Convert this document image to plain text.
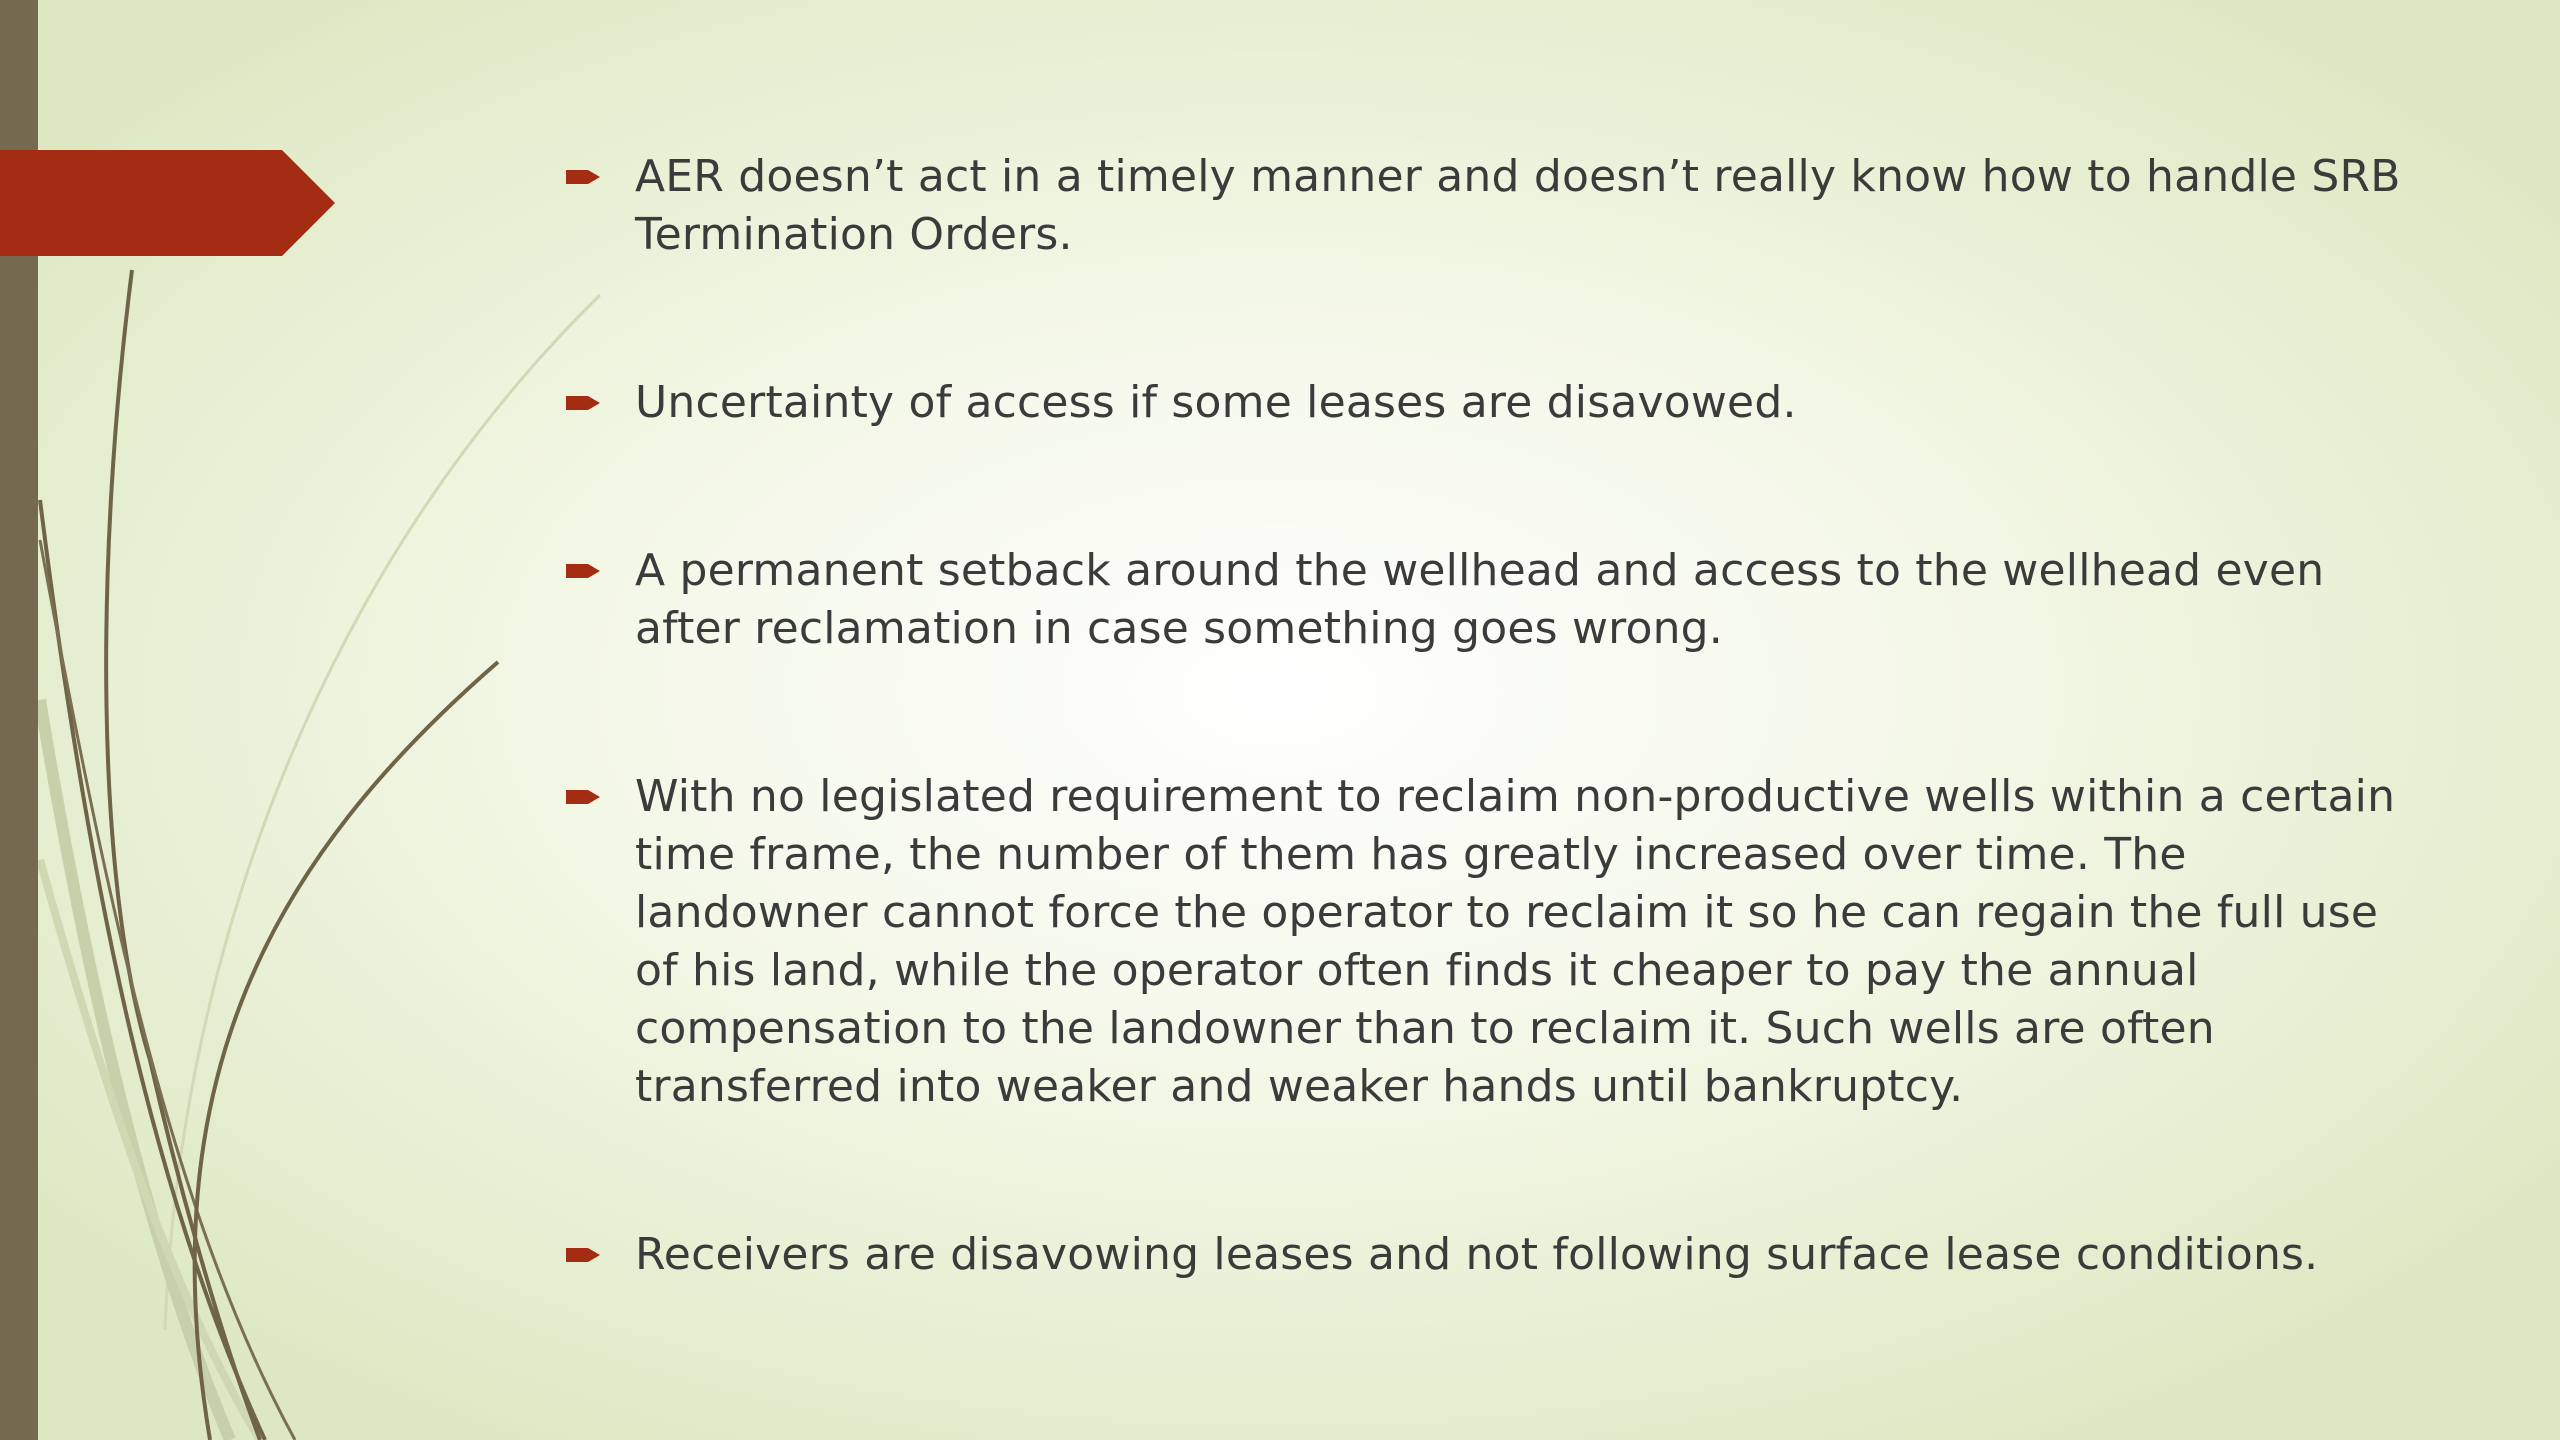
AER doesn’t act in a timely manner and doesn’t really know how to handle SRB Termination Orders.
Uncertainty of access if some leases are disavowed.
A permanent setback around the wellhead and access to the wellhead even after reclamation in case something goes wrong.
With no legislated requirement to reclaim non-productive wells within a certain time frame, the number of them has greatly increased over time. The landowner cannot force the operator to reclaim it so he can regain the full use of his land, while the operator often finds it cheaper to pay the annual compensation to the landowner than to reclaim it. Such wells are often transferred into weaker and weaker hands until bankruptcy.
Receivers are disavowing leases and not following surface lease conditions.
